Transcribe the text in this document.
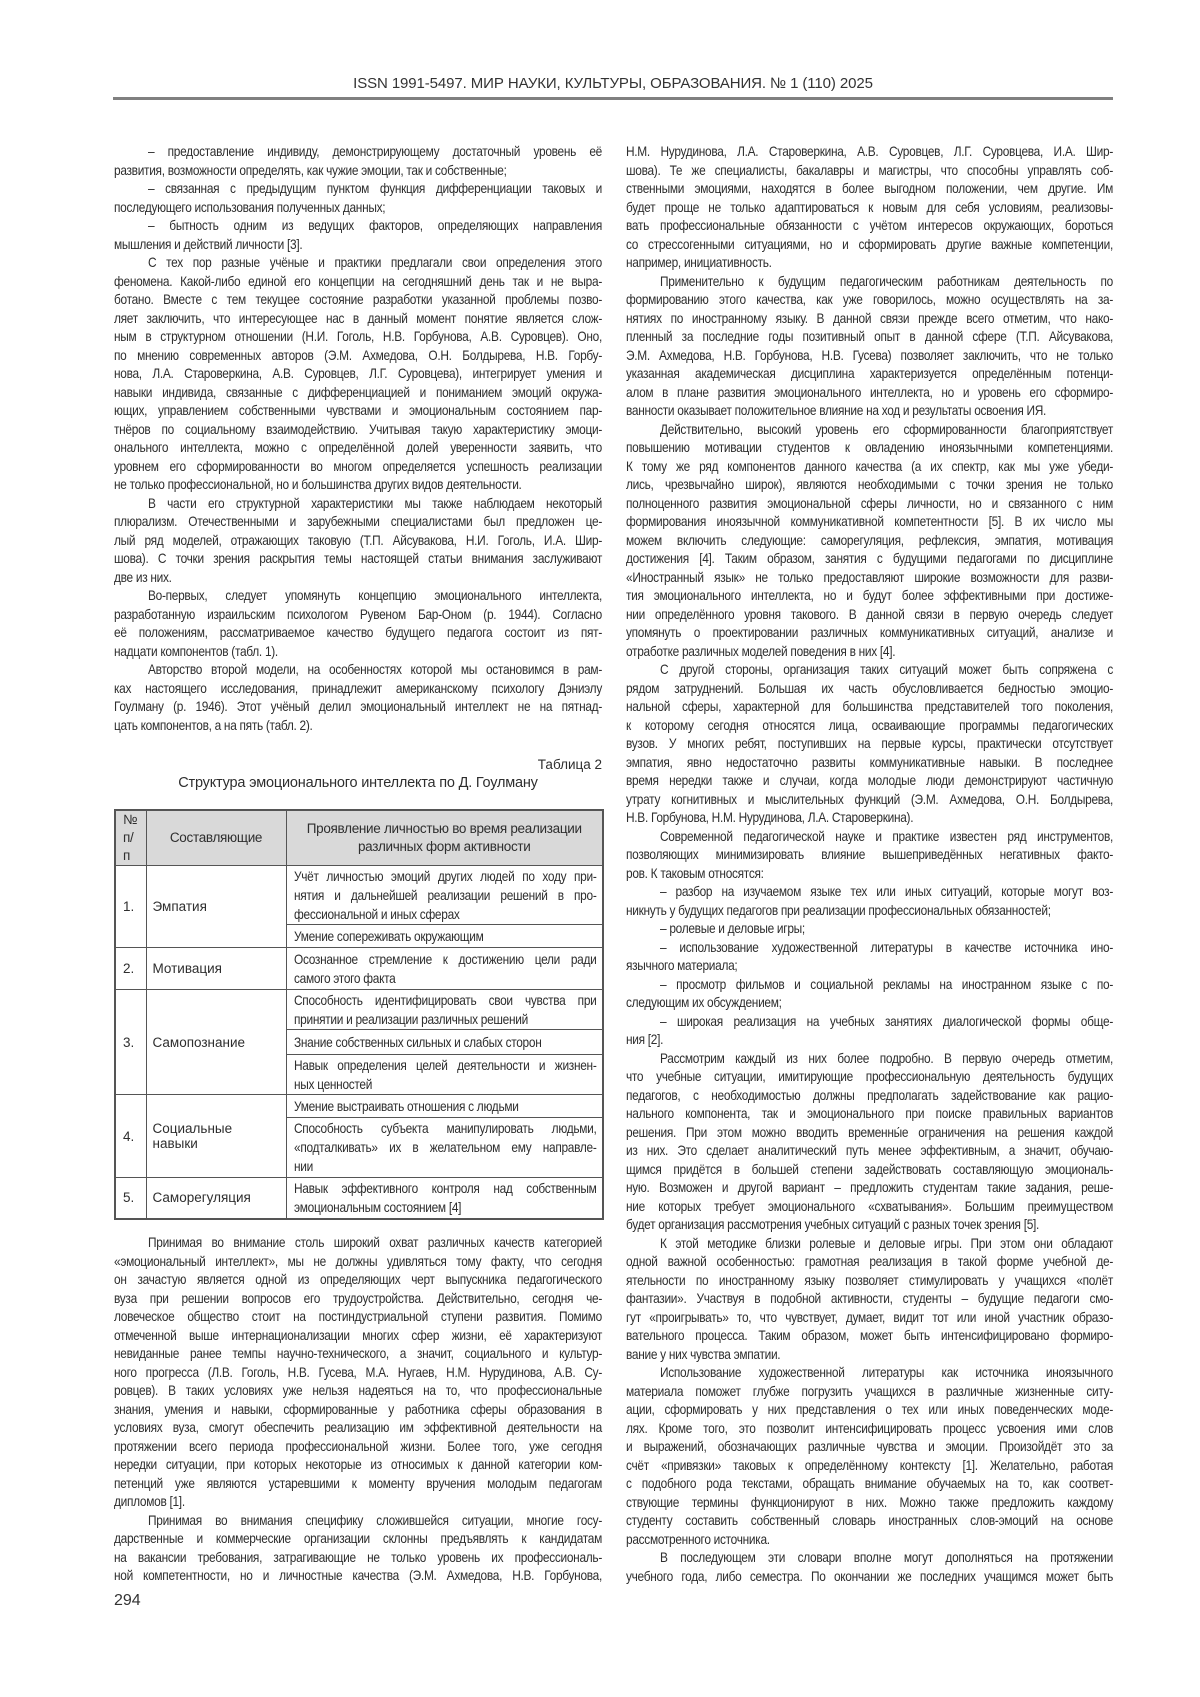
ISSN 1991-5497. МИР НАУКИ, КУЛЬТУРЫ, ОБРАЗОВАНИЯ. № 1 (110) 2025
– предоставление индивиду, демонстрирующему достаточный уровень её
развития, возможности определять, как чужие эмоции, так и собственные;
– связанная с предыдущим пунктом функция дифференциации таковых и
последующего использования полученных данных;
– бытность одним из ведущих факторов, определяющих направления
мышления и действий личности [3].
С тех пор разные учёные и практики предлагали свои определения этого
феномена. Какой-либо единой его концепции на сегодняшний день так и не выра-
ботано. Вместе с тем текущее состояние разработки указанной проблемы позво-
ляет заключить, что интересующее нас в данный момент понятие является слож-
ным в структурном отношении (Н.И. Гоголь, Н.В. Горбунова, А.В. Суровцев). Оно,
по мнению современных авторов (Э.М. Ахмедова, О.Н. Болдырева, Н.В. Горбу-
нова, Л.А. Староверкина, А.В. Суровцев, Л.Г. Суровцева), интегрирует умения и
навыки индивида, связанные с дифференциацией и пониманием эмоций окружа-
ющих, управлением собственными чувствами и эмоциональным состоянием пар-
тнёров по социальному взаимодействию. Учитывая такую характеристику эмоци-
онального интеллекта, можно с определённой долей уверенности заявить, что
уровнем его сформированности во многом определяется успешность реализации
не только профессиональной, но и большинства других видов деятельности.
В части его структурной характеристики мы также наблюдаем некоторый
плюрализм. Отечественными и зарубежными специалистами был предложен це-
лый ряд моделей, отражающих таковую (Т.П. Айсувакова, Н.И. Гоголь, И.А. Шир-
шова). С точки зрения раскрытия темы настоящей статьи внимания заслуживают
две из них.
Во-первых, следует упомянуть концепцию эмоционального интеллекта,
разработанную израильским психологом Рувеном Бар-Оном (р. 1944). Согласно
её положениям, рассматриваемое качество будущего педагога состоит из пят-
надцати компонентов (табл. 1).
Авторство второй модели, на особенностях которой мы остановимся в рам-
ках настоящего исследования, принадлежит американскому психологу Дэниэлу
Гоулману (р. 1946). Этот учёный делил эмоциональный интеллект не на пятнад-
цать компонентов, а на пять (табл. 2).
Таблица 2
Структура эмоционального интеллекта по Д. Гоулману
№
п/п
	Составляющие	
Проявление личностью во время реализации
различных форм активности

1.	Эмпатия	
Учёт личностью эмоций других людей по ходу при-
нятия и дальнейшей реализации решений в про-
фессиональной и иных сферах

Умение сопереживать окружающим

2.	Мотивация	
Осознанное стремление к достижению цели ради
самого этого факта

3.	Самопознание	
Способность идентифицировать свои чувства при
принятии и реализации различных решений

Знание собственных сильных и слабых сторон

Навык определения целей деятельности и жизнен-
ных ценностей

4.	Социальные навыки	
Умение выстраивать отношения с людьми

Способность субъекта манипулировать людьми,
«подталкивать» их в желательном ему направле-
нии

5.	Саморегуляция	
Навык эффективного контроля над собственным
эмоциональным состоянием [4]
Принимая во внимание столь широкий охват различных качеств категорией
«эмоциональный интеллект», мы не должны удивляться тому факту, что сегодня
он зачастую является одной из определяющих черт выпускника педагогического
вуза при решении вопросов его трудоустройства. Действительно, сегодня че-
ловеческое общество стоит на постиндустриальной ступени развития. Помимо
отмеченной выше интернационализации многих сфер жизни, её характеризуют
невиданные ранее темпы научно-технического, а значит, социального и культур-
ного прогресса (Л.В. Гоголь, Н.В. Гусева, М.А. Нугаев, Н.М. Нурудинова, А.В. Су-
ровцев). В таких условиях уже нельзя надеяться на то, что профессиональные
знания, умения и навыки, сформированные у работника сферы образования в
условиях вуза, смогут обеспечить реализацию им эффективной деятельности на
протяжении всего периода профессиональной жизни. Более того, уже сегодня
нередки ситуации, при которых некоторые из относимых к данной категории ком-
петенций уже являются устаревшими к моменту вручения молодым педагогам
дипломов [1].
Принимая во внимания специфику сложившейся ситуации, многие госу-
дарственные и коммерческие организации склонны предъявлять к кандидатам
на вакансии требования, затрагивающие не только уровень их профессиональ-
ной компетентности, но и личностные качества (Э.М. Ахмедова, Н.В. Горбунова,
Н.М. Нурудинова, Л.А. Староверкина, А.В. Суровцев, Л.Г. Суровцева, И.А. Шир-
шова). Те же специалисты, бакалавры и магистры, что способны управлять соб-
ственными эмоциями, находятся в более выгодном положении, чем другие. Им
будет проще не только адаптироваться к новым для себя условиям, реализовы-
вать профессиональные обязанности с учётом интересов окружающих, бороться
со стрессогенными ситуациями, но и сформировать другие важные компетенции,
например, инициативность.
Применительно к будущим педагогическим работникам деятельность по
формированию этого качества, как уже говорилось, можно осуществлять на за-
нятиях по иностранному языку. В данной связи прежде всего отметим, что нако-
пленный за последние годы позитивный опыт в данной сфере (Т.П. Айсувакова,
Э.М. Ахмедова, Н.В. Горбунова, Н.В. Гусева) позволяет заключить, что не только
указанная академическая дисциплина характеризуется определённым потенци-
алом в плане развития эмоционального интеллекта, но и уровень его сформиро-
ванности оказывает положительное влияние на ход и результаты освоения ИЯ.
Действительно, высокий уровень его сформированности благоприятствует
повышению мотивации студентов к овладению иноязычными компетенциями.
К тому же ряд компонентов данного качества (а их спектр, как мы уже убеди-
лись, чрезвычайно широк), являются необходимыми с точки зрения не только
полноценного развития эмоциональной сферы личности, но и связанного с ним
формирования иноязычной коммуникативной компетентности [5]. В их число мы
можем включить следующие: саморегуляция, рефлексия, эмпатия, мотивация
достижения [4]. Таким образом, занятия с будущими педагогами по дисциплине
«Иностранный язык» не только предоставляют широкие возможности для разви-
тия эмоционального интеллекта, но и будут более эффективными при достиже-
нии определённого уровня такового. В данной связи в первую очередь следует
упомянуть о проектировании различных коммуникативных ситуаций, анализе и
отработке различных моделей поведения в них [4].
С другой стороны, организация таких ситуаций может быть сопряжена с
рядом затруднений. Большая их часть обусловливается бедностью эмоцио-
нальной сферы, характерной для большинства представителей того поколения,
к которому сегодня относятся лица, осваивающие программы педагогических
вузов. У многих ребят, поступивших на первые курсы, практически отсутствует
эмпатия, явно недостаточно развиты коммуникативные навыки. В последнее
время нередки также и случаи, когда молодые люди демонстрируют частичную
утрату когнитивных и мыслительных функций (Э.М. Ахмедова, О.Н. Болдырева,
Н.В. Горбунова, Н.М. Нурудинова, Л.А. Староверкина).
Современной педагогической науке и практике известен ряд инструментов,
позволяющих минимизировать влияние вышеприведённых негативных факто-
ров. К таковым относятся:
– разбор на изучаемом языке тех или иных ситуаций, которые могут воз-
никнуть у будущих педагогов при реализации профессиональных обязанностей;
– ролевые и деловые игры;
– использование художественной литературы в качестве источника ино-
язычного материала;
– просмотр фильмов и социальной рекламы на иностранном языке с по-
следующим их обсуждением;
– широкая реализация на учебных занятиях диалогической формы обще-
ния [2].
Рассмотрим каждый из них более подробно. В первую очередь отметим,
что учебные ситуации, имитирующие профессиональную деятельность будущих
педагогов, с необходимостью должны предполагать задействование как рацио-
нального компонента, так и эмоционального при поиске правильных вариантов
решения. При этом можно вводить временны́е ограничения на решения каждой
из них. Это сделает аналитический путь менее эффективным, а значит, обучаю-
щимся придётся в большей степени задействовать составляющую эмоциональ-
ную. Возможен и другой вариант – предложить студентам такие задания, реше-
ние которых требует эмоционального «схватывания». Большим преимуществом
будет организация рассмотрения учебных ситуаций с разных точек зрения [5].
К этой методике близки ролевые и деловые игры. При этом они обладают
одной важной особенностью: грамотная реализация в такой форме учебной де-
ятельности по иностранному языку позволяет стимулировать у учащихся «полёт
фантазии». Участвуя в подобной активности, студенты – будущие педагоги смо-
гут «проигрывать» то, что чувствует, думает, видит тот или иной участник образо-
вательного процесса. Таким образом, может быть интенсифицировано формиро-
вание у них чувства эмпатии.
Использование художественной литературы как источника иноязычного
материала поможет глубже погрузить учащихся в различные жизненные ситу-
ации, сформировать у них представления о тех или иных поведенческих моде-
лях. Кроме того, это позволит интенсифицировать процесс усвоения ими слов
и выражений, обозначающих различные чувства и эмоции. Произойдёт это за
счёт «привязки» таковых к определённому контексту [1]. Желательно, работая
с подобного рода текстами, обращать внимание обучаемых на то, как соответ-
ствующие термины функционируют в них. Можно также предложить каждому
студенту составить собственный словарь иностранных слов-эмоций на основе
рассмотренного источника.
В последующем эти словари вполне могут дополняться на протяжении
учебного года, либо семестра. По окончании же последних учащимся может быть
294
